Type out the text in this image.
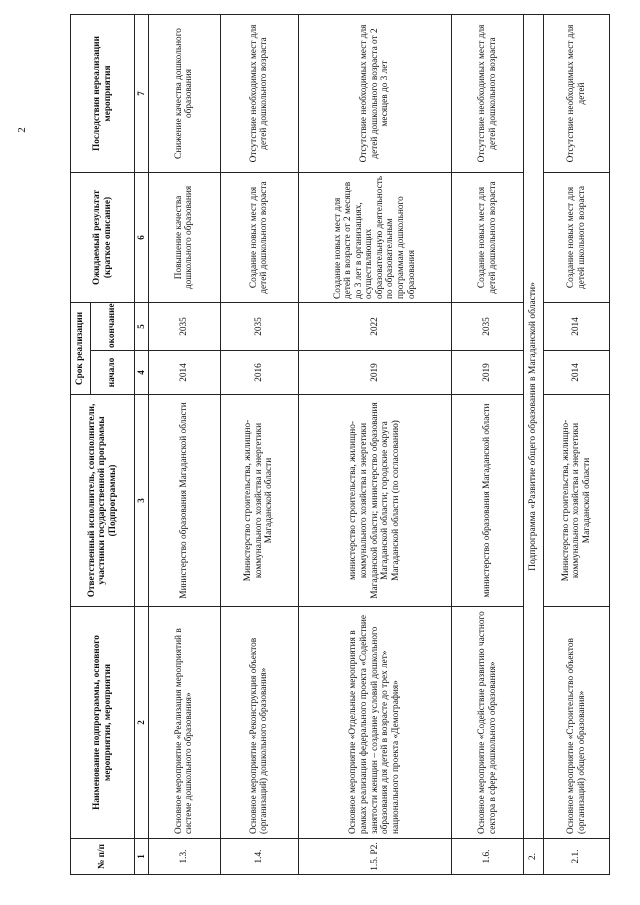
2
№ п/п	Наименование подпрограммы, основного мероприятия, мероприятия	Ответственный исполнитель, соисполнители, участники государственной программы (Подпрограммы)	Срок реализации		Ожидаемый результат (краткое описание)	Последствия нереализации мероприятия
			начало	окончание		
1	2	3	4	5	6	7
1.3.	Основное мероприятие «Реализация мероприятий в системе дошкольного образования»	Министерство образования Магаданской области	2014	2035	Повышение качества дошкольного образования	Снижение качества дошкольного образования
1.4.	Основное мероприятие «Реконструкция объектов (организаций) дошкольного образования»	Министерство строительства, жилищно-коммунального хозяйства и энергетики Магаданской области	2016	2035	Создание новых мест для детей дошкольного возраста	Отсутствие необходимых мест для детей дошкольного возраста
1.5. Р2.	Основное мероприятие «Отдельные мероприятия в рамках реализации федерального проекта «Содействие занятости женщин – создание условий дошкольного образования для детей в возрасте до трех лет» национального проекта «Демография»	министерство строительства, жилищно-коммунального хозяйства и энергетики Магаданской области; министерство образования Магаданской области; городские округа Магаданской области (по согласованию)	2019	2022	Создание новых мест для детей в возрасте от 2 месяцев до 3 лет в организациях, осуществляющих образовательную деятельность по образовательным программам дошкольного образования	Отсутствие необходимых мест для детей дошкольного возраста от 2 месяцев до 3 лет
1.6.	Основное мероприятие «Содействие развитию частного сектора в сфере дошкольного образования»	министерство образования Магаданской области	2019	2035	Создание новых мест для детей дошкольного возраста	Отсутствие необходимых мест для детей дошкольного возраста
2.	Подпрограмма «Развитие общего образования в Магаданской области»					
2.1.	Основное мероприятие «Строительство объектов (организаций) общего образования»	Министерство строительства, жилищно-коммунального хозяйства и энергетики Магаданской области	2014	2014	Создание новых мест для детей школьного возраста	Отсутствие необходимых мест для детей
